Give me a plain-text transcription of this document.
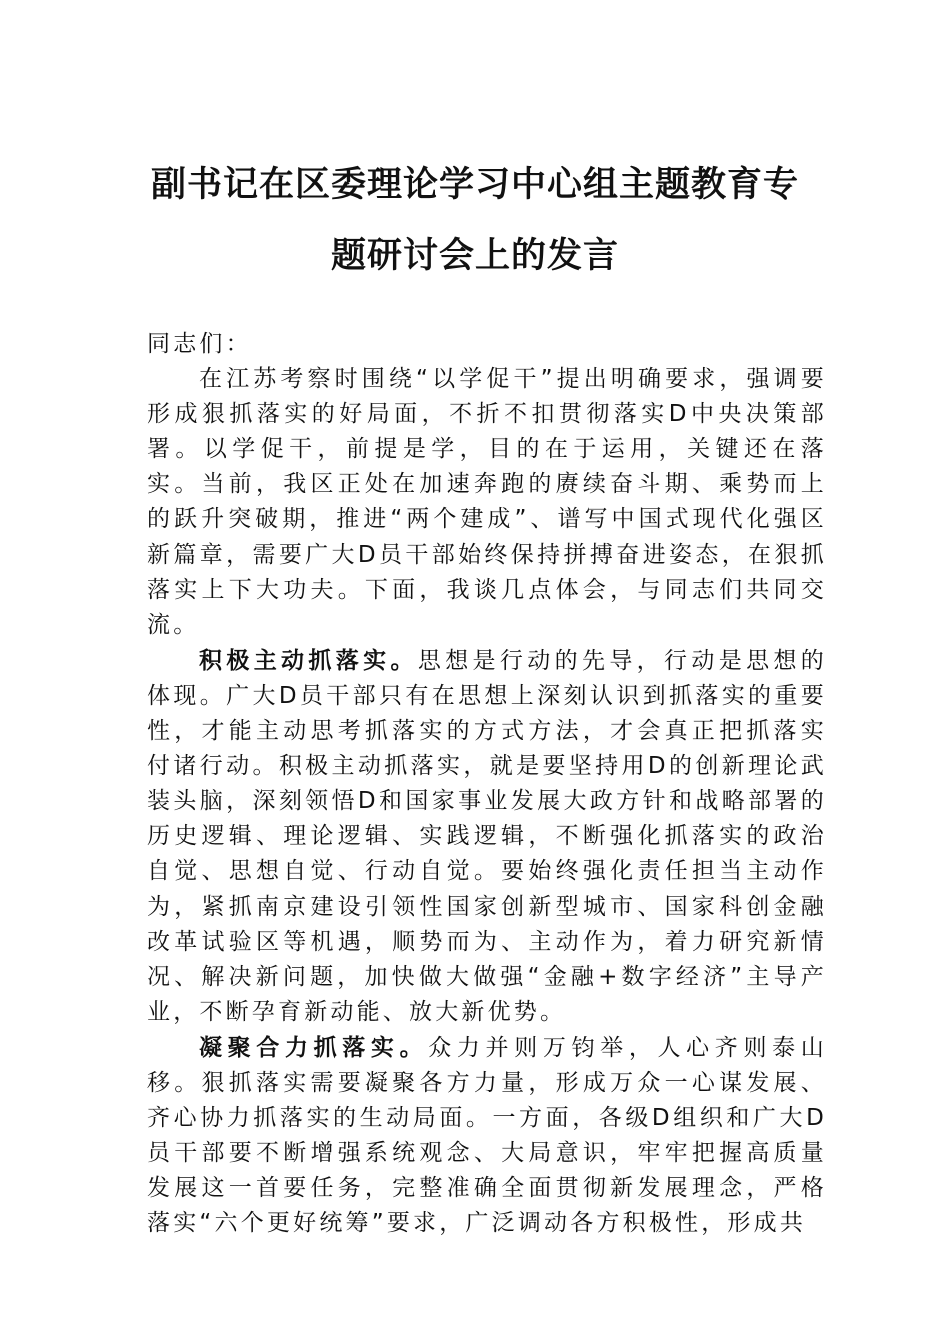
副书记在区委理论学习中心组主题教育专
题研讨会上的发言

同志们：

在江苏考察时围绕“以学促干”提出明确要求，强调要形成狠抓落实的好局面，不折不扣贯彻落实D中央决策部署。以学促干，前提是学，目的在于运用，关键还在落实。当前，我区正处在加速奔跑的赓续奋斗期、乘势而上的跃升突破期，推进“两个建成”、谱写中国式现代化强区新篇章，需要广大D员干部始终保持拼搏奋进姿态，在狠抓落实上下大功夫。下面，我谈几点体会，与同志们共同交流。

积极主动抓落实。思想是行动的先导，行动是思想的体现。广大D员干部只有在思想上深刻认识到抓落实的重要性，才能主动思考抓落实的方式方法，才会真正把抓落实付诸行动。积极主动抓落实，就是要坚持用D的创新理论武装头脑，深刻领悟D和国家事业发展大政方针和战略部署的历史逻辑、理论逻辑、实践逻辑，不断强化抓落实的政治自觉、思想自觉、行动自觉。要始终强化责任担当主动作为，紧抓南京建设引领性国家创新型城市、国家科创金融改革试验区等机遇，顺势而为、主动作为，着力研究新情况、解决新问题，加快做大做强“金融+数字经济”主导产业，不断孕育新动能、放大新优势。

凝聚合力抓落实。众力并则万钧举，人心齐则泰山移。狠抓落实需要凝聚各方力量，形成万众一心谋发展、齐心协力抓落实的生动局面。一方面，各级D组织和广大D员干部要不断增强系统观念、大局意识，牢牢把握高质量发展这一首要任务，完整准确全面贯彻新发展理念，严格落实“六个更好统筹”要求，广泛调动各方积极性，形成共
